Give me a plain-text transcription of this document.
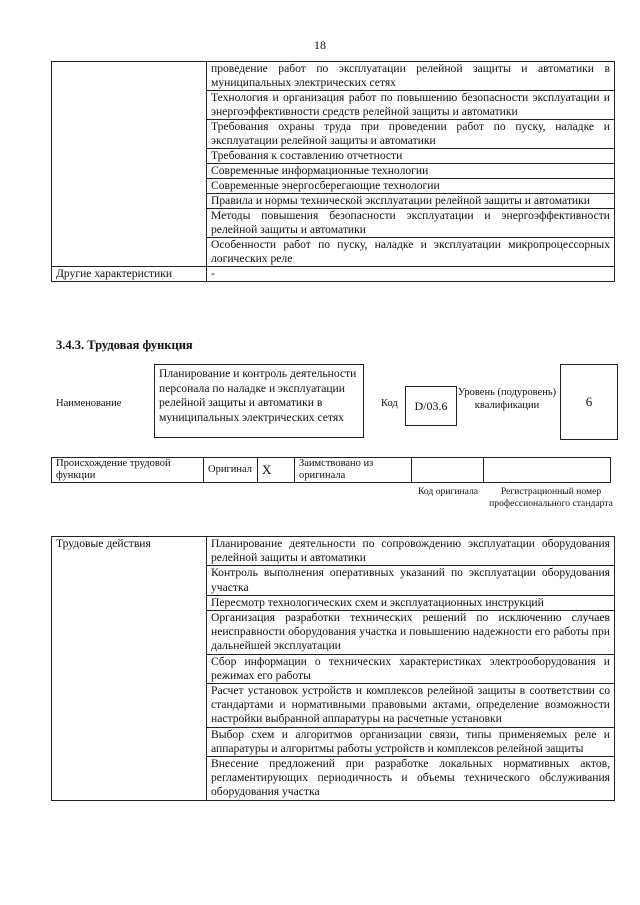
18
	проведение работ по эксплуатации релейной защиты и автоматики в муниципальных электрических сетях
	Технология и организация работ по повышению безопасности эксплуатации и энергоэффективности средств релейной защиты и автоматики
	Требования охраны труда при проведении работ по пуску, наладке и эксплуатации релейной защиты и автоматики
	Требования к составлению отчетности
	Современные информационные технологии
	Современные энергосберегающие технологии
	Правила и нормы технической эксплуатации релейной защиты и автоматики
	Методы повышения безопасности эксплуатации и энергоэффективности релейной защиты и автоматики
	Особенности работ по пуску, наладке и эксплуатации микропроцессорных логических реле
Другие характеристики	-
3.4.3. Трудовая функция
Наименование
Планирование и контроль деятельности персонала по наладке и эксплуатации релейной защиты и автоматики в муниципальных электрических сетях
Код	D/03.6
Уровень (подуровень) квалификации	6
Происхождение трудовой функции	Оригинал	X	Заимствовано из оригинала		
Код оригинала	Регистрационный номер профессионального стандарта
Трудовые действия	Планирование деятельности по сопровождению эксплуатации оборудования релейной защиты и автоматики
Контроль выполнения оперативных указаний по эксплуатации оборудования участка
Пересмотр технологических схем и эксплуатационных инструкций
Организация разработки технических решений по исключению случаев неисправности оборудования участка и повышению надежности его работы при дальнейшей эксплуатации
Сбор информации о технических характеристиках электрооборудования и режимах его работы
Расчет установок устройств и комплексов релейной защиты в соответствии со стандартами и нормативными правовыми актами, определение возможности настройки выбранной аппаратуры на расчетные установки
Выбор схем и алгоритмов организации связи, типы применяемых реле и аппаратуры и алгоритмы работы устройств и комплексов релейной защиты
Внесение предложений при разработке локальных нормативных актов, регламентирующих периодичность и объемы технического обслуживания оборудования участка
